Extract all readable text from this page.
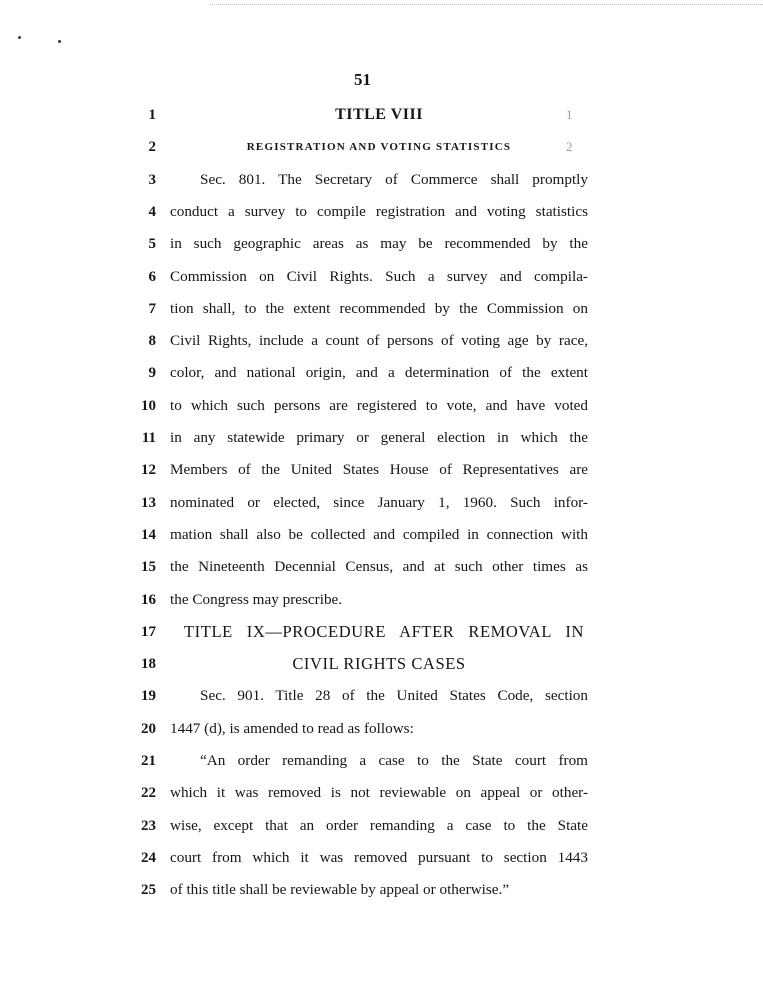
51
1	TITLE VIII	1
2	REGISTRATION AND VOTING STATISTICS	2
3	Sec. 801. The Secretary of Commerce shall promptly
4 conduct a survey to compile registration and voting statistics
5 in such geographic areas as may be recommended by the
6 Commission on Civil Rights. Such a survey and compila-
7 tion shall, to the extent recommended by the Commission on
8 Civil Rights, include a count of persons of voting age by race,
9 color, and national origin, and a determination of the extent
10 to which such persons are registered to vote, and have voted
11 in any statewide primary or general election in which the
12 Members of the United States House of Representatives are
13 nominated or elected, since January 1, 1960. Such infor-
14 mation shall also be collected and compiled in connection with
15 the Nineteenth Decennial Census, and at such other times as
16 the Congress may prescribe.
17 TITLE IX—PROCEDURE AFTER REMOVAL IN
18	CIVIL RIGHTS CASES
19	Sec. 901. Title 28 of the United States Code, section
20 1447 (d), is amended to read as follows:
21	“An order remanding a case to the State court from
22 which it was removed is not reviewable on appeal or other-
23 wise, except that an order remanding a case to the State
24 court from which it was removed pursuant to section 1443
25 of this title shall be reviewable by appeal or otherwise.”
